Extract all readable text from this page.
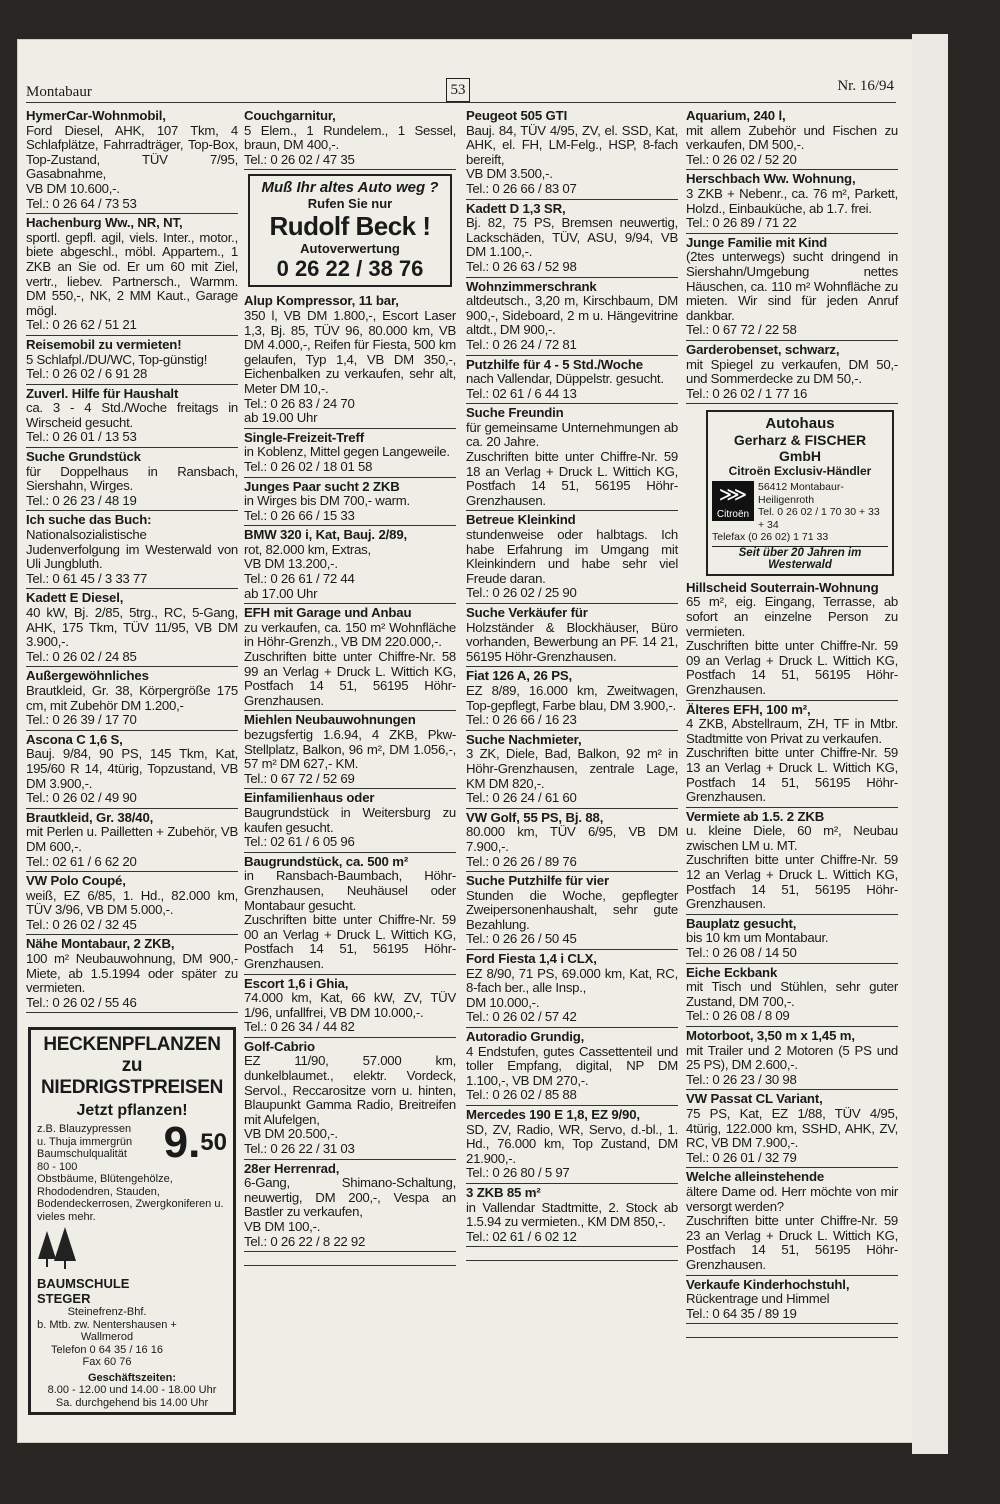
Montabaur	53	Nr. 16/94
HymerCar-Wohnmobil,

Ford Diesel, AHK, 107 Tkm, 4 Schlafplätze, Fahrradträger, Top-Box, Top-Zustand, TÜV 7/95, Gasabnahme,
VB DM 10.600,-.
Tel.: 0 26 64 / 73 53

Hachenburg Ww., NR, NT,

sportl. gepfl. agil, viels. Inter., motor., biete abgeschl., möbl. Appartem., 1 ZKB an Sie od. Er um 60 mit Ziel, vertr., liebev. Partnersch., Warmm. DM 550,-, NK, 2 MM Kaut., Garage mögl.
Tel.: 0 26 62 / 51 21

Reisemobil zu vermieten!

5 Schlafpl./DU/WC, Top-günstig!
Tel.: 0 26 02 / 6 91 28

Zuverl. Hilfe für Haushalt

ca. 3 - 4 Std./Woche freitags in Wirscheid gesucht.
Tel.: 0 26 01 / 13 53

Suche Grundstück

für Doppelhaus in Ransbach, Siershahn, Wirges.
Tel.: 0 26 23 / 48 19

Ich suche das Buch:

Nationalsozialistische Judenverfolgung im Westerwald von Uli Jungbluth.
Tel.: 0 61 45 / 3 33 77

Kadett E Diesel,

40 kW, Bj. 2/85, 5trg., RC, 5-Gang, AHK, 175 Tkm, TÜV 11/95, VB DM 3.900,-.
Tel.: 0 26 02 / 24 85

Außergewöhnliches

Brautkleid, Gr. 38, Körpergröße 175 cm, mit Zubehör DM 1.200,-
Tel.: 0 26 39 / 17 70

Ascona C 1,6 S,

Bauj. 9/84, 90 PS, 145 Tkm, Kat, 195/60 R 14, 4türig, Topzustand, VB DM 3.900,-.
Tel.: 0 26 02 / 49 90

Brautkleid, Gr. 38/40,

mit Perlen u. Pailletten + Zubehör, VB DM 600,-.
Tel.: 02 61 / 6 62 20

VW Polo Coupé,

weiß, EZ 6/85, 1. Hd., 82.000 km, TÜV 3/96, VB DM 5.000,-.
Tel.: 0 26 02 / 32 45

Nähe Montabaur, 2 ZKB,

100 m² Neubauwohnung, DM 900,- Miete, ab 1.5.1994 oder später zu vermieten.
Tel.: 0 26 02 / 55 46

HECKENPFLANZEN
zu NIEDRIGSTPREISEN
Jetzt pflanzen!
9.50
z.B. Blauzypressen
u. Thuja immergrün
Baumschulqualität
80 - 100
Obstbäume, Blütengehölze, Rhododendren, Stauden, Bodendeckerrosen, Zwergkoniferen u. vieles mehr.

BAUMSCHULE STEGER
Steinefrenz-Bhf.
b. Mtb. zw. Nentershausen + Wallmerod
Telefon 0 64 35 / 16 16
Fax 60 76
Geschäftszeiten:
8.00 - 12.00 und 14.00 - 18.00 Uhr
Sa. durchgehend bis 14.00 Uhr
Couchgarnitur,

5 Elem., 1 Rundelem., 1 Sessel, braun, DM 400,-.
Tel.: 0 26 02 / 47 35

Muß Ihr altes Auto weg ?
Rufen Sie nur
Rudolf Beck !
Autoverwertung
0 26 22 / 38 76
Alup Kompressor, 11 bar,

350 l, VB DM 1.800,-, Escort Laser 1,3, Bj. 85, TÜV 96, 80.000 km, VB DM 4.000,-, Reifen für Fiesta, 500 km gelaufen, Typ 1,4, VB DM 350,-, Eichenbalken zu verkaufen, sehr alt, Meter DM 10,-.
Tel.: 0 26 83 / 24 70
ab 19.00 Uhr

Single-Freizeit-Treff

in Koblenz, Mittel gegen Langeweile.
Tel.: 0 26 02 / 18 01 58

Junges Paar sucht 2 ZKB

in Wirges bis DM 700,- warm.
Tel.: 0 26 66 / 15 33

BMW 320 i, Kat, Bauj. 2/89,

rot, 82.000 km, Extras,
VB DM 13.200,-.
Tel.: 0 26 61 / 72 44
ab 17.00 Uhr

EFH mit Garage und Anbau

zu verkaufen, ca. 150 m² Wohnfläche in Höhr-Grenzh., VB DM 220.000,-.
Zuschriften bitte unter Chiffre-Nr. 58 99 an Verlag + Druck L. Wittich KG, Postfach 14 51, 56195 Höhr-Grenzhausen.

Miehlen Neubauwohnungen

bezugsfertig 1.6.94, 4 ZKB, Pkw-Stellplatz, Balkon, 96 m², DM 1.056,-, 57 m² DM 627,- KM.
Tel.: 0 67 72 / 52 69

Einfamilienhaus oder

Baugrundstück in Weitersburg zu kaufen gesucht.
Tel.: 02 61 / 6 05 96

Baugrundstück, ca. 500 m²

in Ransbach-Baumbach, Höhr-Grenzhausen, Neuhäusel oder Montabaur gesucht.
Zuschriften bitte unter Chiffre-Nr. 59 00 an Verlag + Druck L. Wittich KG, Postfach 14 51, 56195 Höhr-Grenzhausen.

Escort 1,6 i Ghia,

74.000 km, Kat, 66 kW, ZV, TÜV 1/96, unfallfrei, VB DM 10.000,-.
Tel.: 0 26 34 / 44 82

Golf-Cabrio

EZ 11/90, 57.000 km, dunkelblaumet., elektr. Vordeck, Servol., Reccarositze vorn u. hinten, Blaupunkt Gamma Radio, Breitreifen mit Alufelgen,
VB DM 20.500,-.
Tel.: 0 26 22 / 31 03

28er Herrenrad,

6-Gang, Shimano-Schaltung, neuwertig, DM 200,-, Vespa an Bastler zu verkaufen,
VB DM 100,-.
Tel.: 0 26 22 / 8 22 92

Peugeot 505 GTI

Bauj. 84, TÜV 4/95, ZV, el. SSD, Kat, AHK, el. FH, LM-Felg., HSP, 8-fach bereift,
VB DM 3.500,-.
Tel.: 0 26 66 / 83 07

Kadett D 1,3 SR,

Bj. 82, 75 PS, Bremsen neuwertig, Lackschäden, TÜV, ASU, 9/94, VB DM 1.100,-.
Tel.: 0 26 63 / 52 98

Wohnzimmerschrank

altdeutsch., 3,20 m, Kirschbaum, DM 900,-, Sideboard, 2 m u. Hängevitrine altdt., DM 900,-.
Tel.: 0 26 24 / 72 81

Putzhilfe für 4 - 5 Std./Woche

nach Vallendar, Düppelstr. gesucht.
Tel.: 02 61 / 6 44 13

Suche Freundin

für gemeinsame Unternehmungen ab ca. 20 Jahre.
Zuschriften bitte unter Chiffre-Nr. 59 18 an Verlag + Druck L. Wittich KG, Postfach 14 51, 56195 Höhr-Grenzhausen.

Betreue Kleinkind

stundenweise oder halbtags. Ich habe Erfahrung im Umgang mit Kleinkindern und habe sehr viel Freude daran.
Tel.: 0 26 02 / 25 90

Suche Verkäufer für

Holzständer & Blockhäuser, Büro vorhanden, Bewerbung an PF. 14 21, 56195 Höhr-Grenzhausen.

Fiat 126 A, 26 PS,

EZ 8/89, 16.000 km, Zweitwagen, Top-gepflegt, Farbe blau, DM 3.900,-.
Tel.: 0 26 66 / 16 23

Suche Nachmieter,

3 ZK, Diele, Bad, Balkon, 92 m² in Höhr-Grenzhausen, zentrale Lage, KM DM 820,-.
Tel.: 0 26 24 / 61 60

VW Golf, 55 PS, Bj. 88,

80.000 km, TÜV 6/95, VB DM 7.900,-.
Tel.: 0 26 26 / 89 76

Suche Putzhilfe für vier

Stunden die Woche, gepflegter Zweipersonenhaushalt, sehr gute Bezahlung.
Tel.: 0 26 26 / 50 45

Ford Fiesta 1,4 i CLX,

EZ 8/90, 71 PS, 69.000 km, Kat, RC, 8-fach ber., alle Insp.,
DM 10.000,-.
Tel.: 0 26 02 / 57 42

Autoradio Grundig,

4 Endstufen, gutes Cassettenteil und toller Empfang, digital, NP DM 1.100,-, VB DM 270,-.
Tel.: 0 26 02 / 85 88

Mercedes 190 E 1,8, EZ 9/90,

SD, ZV, Radio, WR, Servo, d.-bl., 1. Hd., 76.000 km, Top Zustand, DM 21.900,-.
Tel.: 0 26 80 / 5 97

3 ZKB 85 m²

in Vallendar Stadtmitte, 2. Stock ab 1.5.94 zu vermieten., KM DM 850,-.
Tel.: 02 61 / 6 02 12

Aquarium, 240 l,

mit allem Zubehör und Fischen zu verkaufen, DM 500,-.
Tel.: 0 26 02 / 52 20

Herschbach Ww. Wohnung,

3 ZKB + Nebenr., ca. 76 m², Parkett, Holzd., Einbauküche, ab 1.7. frei.
Tel.: 0 26 89 / 71 22

Junge Familie mit Kind

(2tes unterwegs) sucht dringend in Siershahn/Umgebung nettes Häuschen, ca. 110 m² Wohnfläche zu mieten. Wir sind für jeden Anruf dankbar.
Tel.: 0 67 72 / 22 58

Garderobenset, schwarz,

mit Spiegel zu verkaufen, DM 50,- und Sommerdecke zu DM 50,-.
Tel.: 0 26 02 / 1 77 16

Autohaus
Gerharz & FISCHER GmbH
Citroën Exclusiv-Händler
⋙
Citroën
56412 Montabaur-Heiligenroth
Tel. 0 26 02 / 1 70 30 + 33 + 34
Telefax (0 26 02) 1 71 33
Seit über 20 Jahren im Westerwald
Hillscheid Souterrain-Wohnung

65 m², eig. Eingang, Terrasse, ab sofort an einzelne Person zu vermieten.
Zuschriften bitte unter Chiffre-Nr. 59 09 an Verlag + Druck L. Wittich KG, Postfach 14 51, 56195 Höhr-Grenzhausen.

Älteres EFH, 100 m²,

4 ZKB, Abstellraum, ZH, TF in Mtbr. Stadtmitte von Privat zu verkaufen.
Zuschriften bitte unter Chiffre-Nr. 59 13 an Verlag + Druck L. Wittich KG, Postfach 14 51, 56195 Höhr-Grenzhausen.

Vermiete ab 1.5. 2 ZKB

u. kleine Diele, 60 m², Neubau zwischen LM u. MT.
Zuschriften bitte unter Chiffre-Nr. 59 12 an Verlag + Druck L. Wittich KG, Postfach 14 51, 56195 Höhr-Grenzhausen.

Bauplatz gesucht,

bis 10 km um Montabaur.
Tel.: 0 26 08 / 14 50

Eiche Eckbank

mit Tisch und Stühlen, sehr guter Zustand, DM 700,-.
Tel.: 0 26 08 / 8 09

Motorboot, 3,50 m x 1,45 m,

mit Trailer und 2 Motoren (5 PS und 25 PS), DM 2.600,-.
Tel.: 0 26 23 / 30 98

VW Passat CL Variant,

75 PS, Kat, EZ 1/88, TÜV 4/95, 4türig, 122.000 km, SSHD, AHK, ZV, RC, VB DM 7.900,-.
Tel.: 0 26 01 / 32 79

Welche alleinstehende

ältere Dame od. Herr möchte von mir versorgt werden?
Zuschriften bitte unter Chiffre-Nr. 59 23 an Verlag + Druck L. Wittich KG, Postfach 14 51, 56195 Höhr-Grenzhausen.

Verkaufe Kinderhochstuhl,

Rückentrage und Himmel
Tel.: 0 64 35 / 89 19
